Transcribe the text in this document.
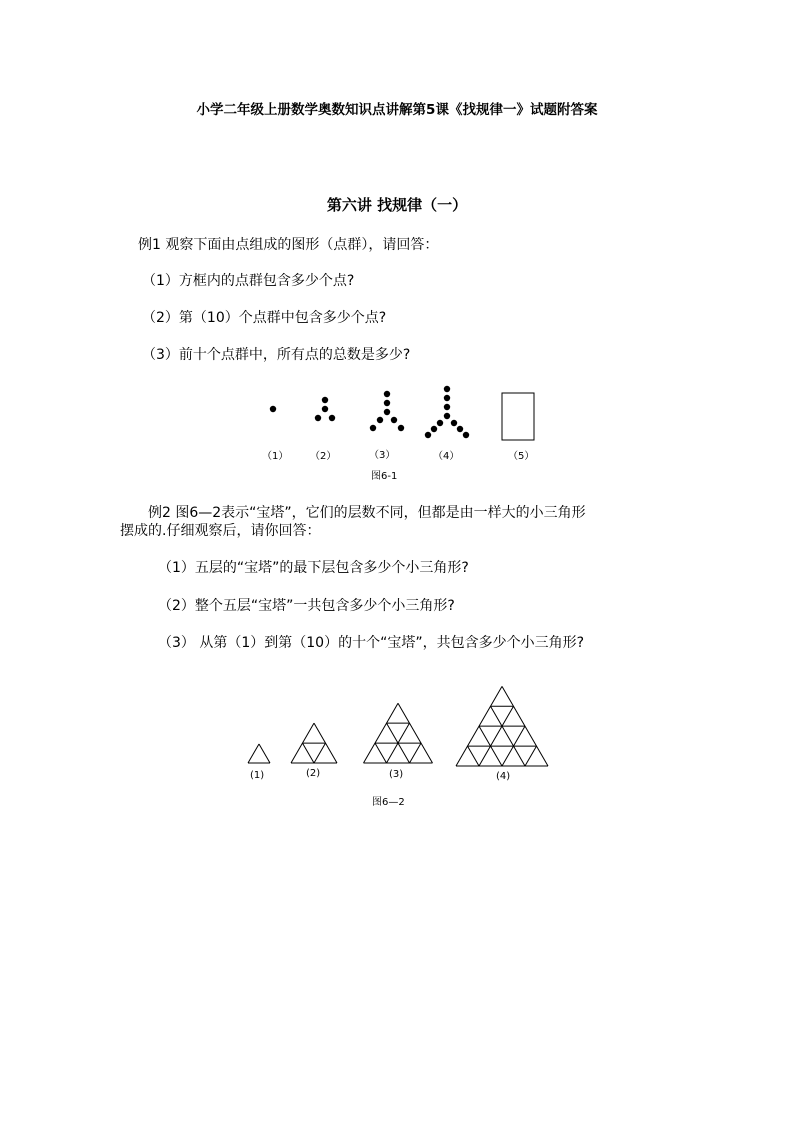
小学二年级上册数学奥数知识点讲解第5课《找规律一》试题附答案
第六讲 找规律（一）
例1 观察下面由点组成的图形（点群），请回答：
（1）方框内的点群包含多少个点?
（2）第（10）个点群中包含多少个点?
（3）前十个点群中，所有点的总数是多少?
（1） （2）	（3）	（4）	（5）
图6-1
例2 图6—2表示“宝塔”，它们的层数不同，但都是由一样大的小三角形
摆成的.仔细观察后，请你回答：
（1）五层的“宝塔”的最下层包含多少个小三角形?
（2）整个五层“宝塔”一共包含多少个小三角形?
（3） 从第（1）到第（10）的十个“宝塔”，共包含多少个小三角形?
(1)	(2)	(3)	(4)
图6—2
